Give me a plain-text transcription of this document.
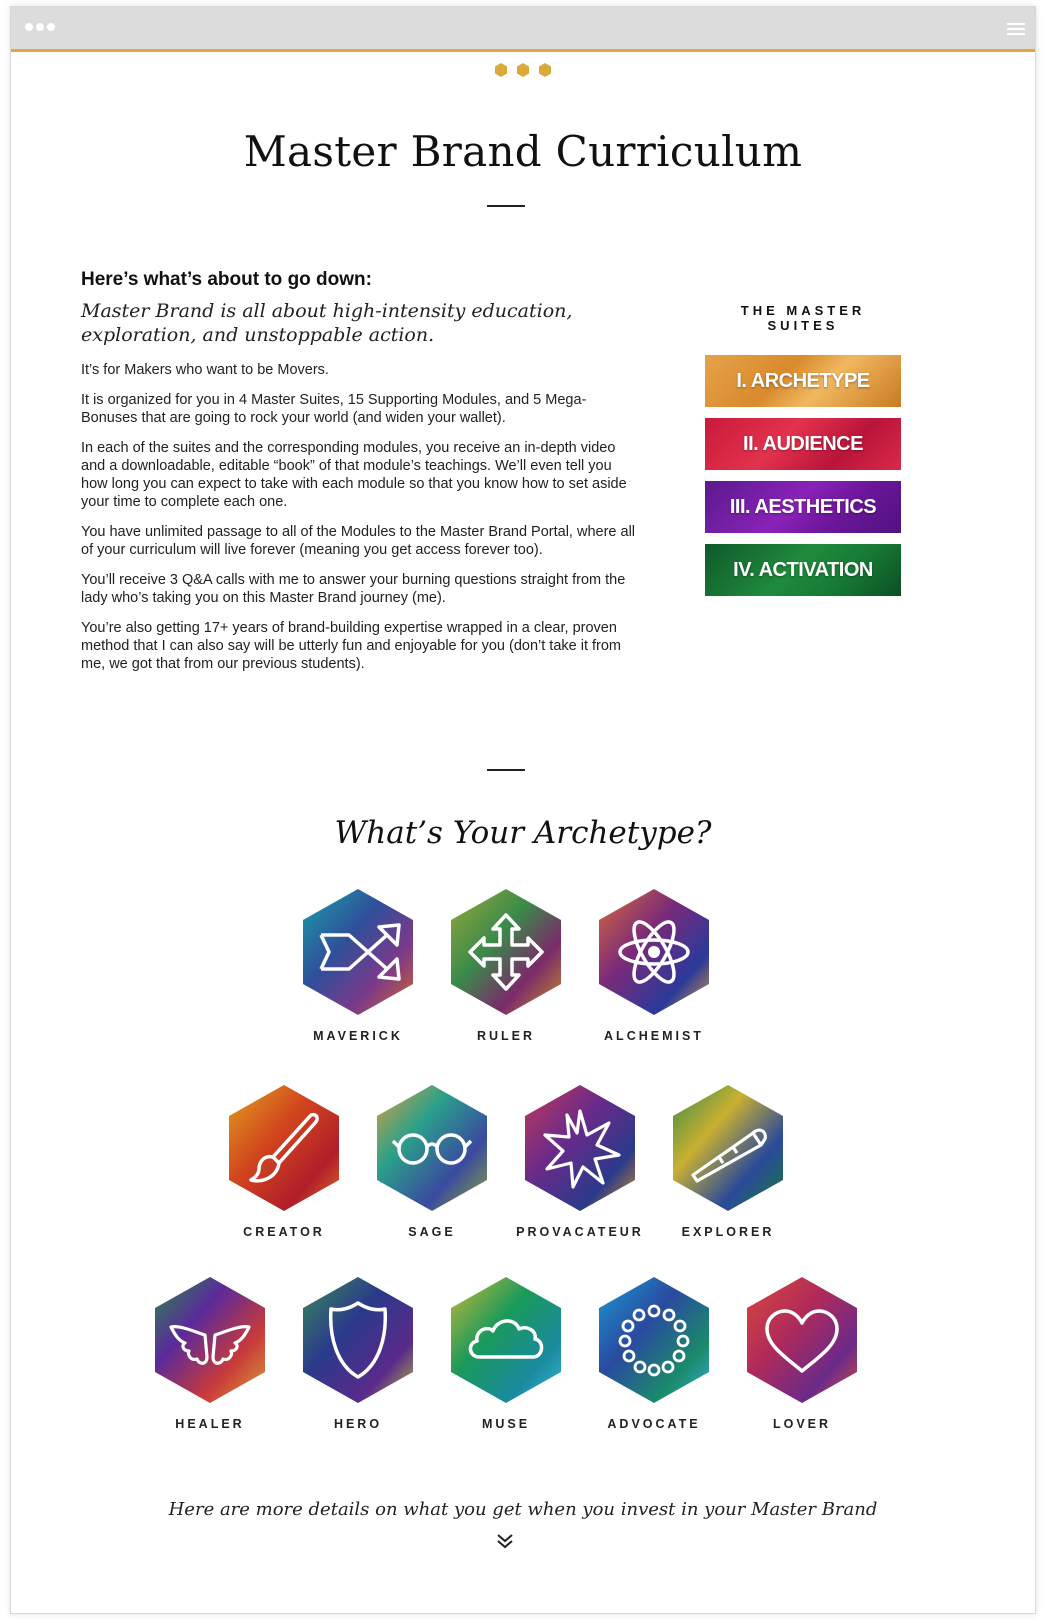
Master Brand Curriculum
Here’s what’s about to go down:
Master Brand is all about high-intensity education, exploration, and unstoppable action.

It’s for Makers who want to be Movers.

It is organized for you in 4 Master Suites, 15 Supporting Modules, and 5 Mega-Bonuses that are going to rock your world (and widen your wallet).

In each of the suites and the corresponding modules, you receive an in-depth video and a downloadable, editable “book” of that module’s teachings. We’ll even tell you how long you can expect to take with each module so that you know how to set aside your time to complete each one.

You have unlimited passage to all of the Modules to the Master Brand Portal, where all of your curriculum will live forever (meaning you get access forever too).

You’ll receive 3 Q&A calls with me to answer your burning questions straight from the lady who’s taking you on this Master Brand journey (me).

You’re also getting 17+ years of brand-building expertise wrapped in a clear, proven method that I can also say will be utterly fun and enjoyable for you (don’t take it from me, we got that from our previous students).

THE MASTER SUITES
I. ARCHETYPE
II. AUDIENCE
III. AESTHETICS
IV. ACTIVATION
What’s Your Archetype?
MAVERICK	RULER	ALCHEMIST
CREATOR	SAGE	PROVACATEUR	EXPLORER
HEALER	HERO	MUSE	ADVOCATE	LOVER
Here are more details on what you get when you invest in your Master Brand
